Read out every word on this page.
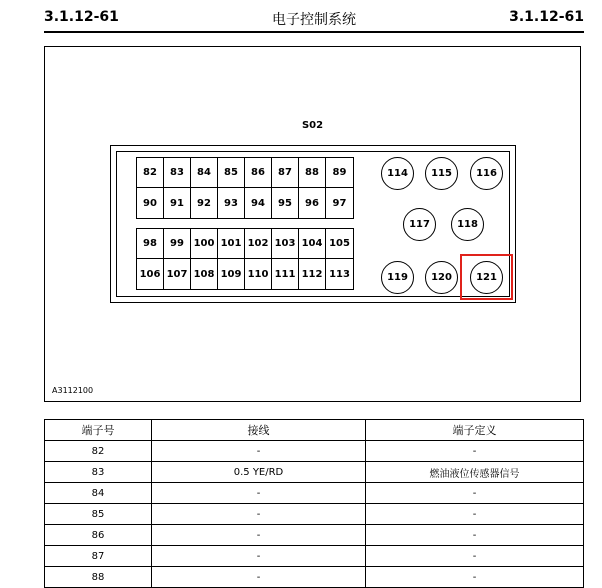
3.1.12-61	电子控制系统	3.1.12-61
S02
82	83	84	85	86	87	88	89
90	91	92	93	94	95	96	97
98	99 100 101 102 103 104 105
106 107 108 109 110 111 112 113
114	115	116
117	118
119	120	121
A3112100
端子号	接线	端子定义
82	-	-
83	0.5 YE/RD	燃油液位传感器信号
84	-	-
85	-	-
86	-	-
87	-	-
88	-	-
